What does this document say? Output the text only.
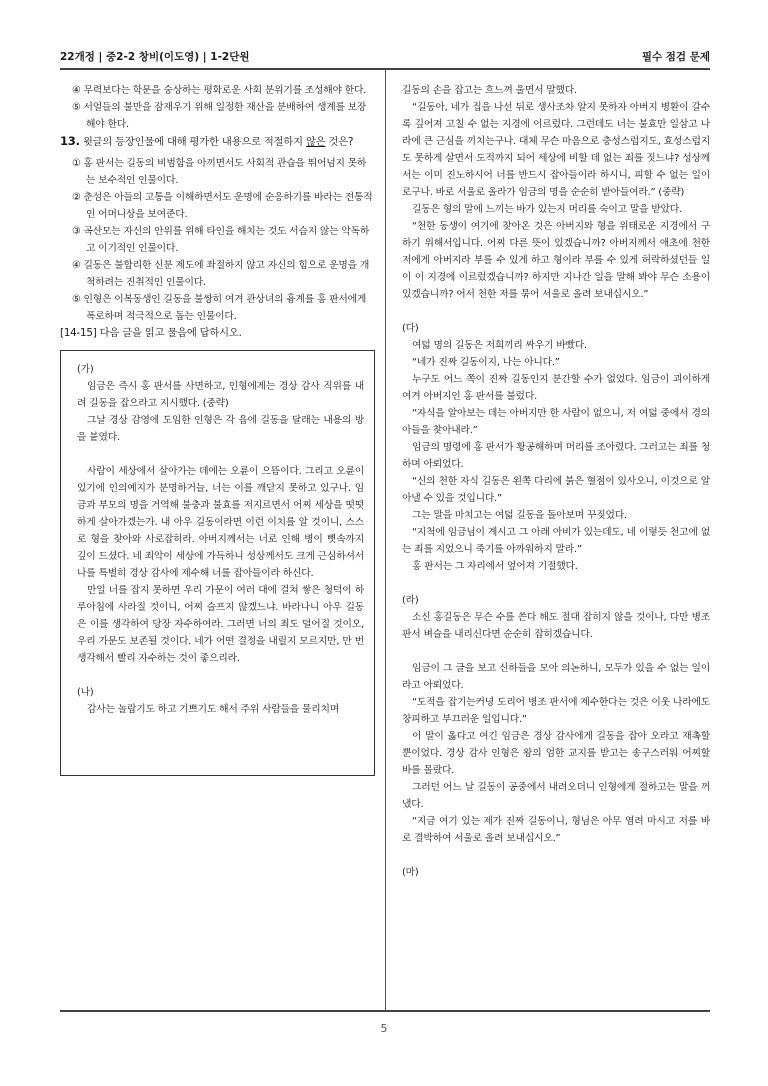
22개정 | 중2-2 창비(이도영) | 1-2단원	필수 점검 문제

④ 무력보다는 학문을 숭상하는 평화로운 사회 분위기를 조성해야 한다.

⑤ 서얼들의 불만을 잠재우기 위해 일정한 재산을 분배하여 생계를 보장해야 한다.

13. 윗글의 등장인물에 대해 평가한 내용으로 적절하지 않은 것은?

① 홍 판서는 길동의 비범함을 아끼면서도 사회적 관습을 뛰어넘지 못하는 보수적인 인물이다.

② 춘섬은 아들의 고통을 이해하면서도 운명에 순응하기를 바라는 전통적인 어머니상을 보여준다.

③ 곡산모는 자신의 안위를 위해 타인을 해치는 것도 서슴지 않는 악독하고 이기적인 인물이다.

④ 길동은 불합리한 신분 제도에 좌절하지 않고 자신의 힘으로 운명을 개척하려는 진취적인 인물이다.

⑤ 인형은 이복동생인 길동을 불쌍히 여겨 관상녀의 흉계를 홍 판서에게 폭로하며 적극적으로 돕는 인물이다.

[14-15] 다음 글을 읽고 물음에 답하시오.

(가)

임금은 즉시 홍 판서를 사면하고, 인형에게는 경상 감사 직위를 내려 길동을 잡으라고 지시했다. (중략)

그날 경상 감영에 도임한 인형은 각 읍에 길동을 달래는 내용의 방을 붙였다.

사람이 세상에서 살아가는 데에는 오륜이 으뜸이다. 그리고 오륜이 있기에 인의예지가 분명하거늘, 너는 이를 깨닫지 못하고 있구나. 임금과 부모의 명을 거역해 불충과 불효를 저지르면서 어찌 세상을 떳떳하게 살아가겠는가. 내 아우 길동이라면 이런 이치를 알 것이니, 스스로 형을 찾아와 사로잡히라. 아버지께서는 너로 인해 병이 뼛속까지 깊이 드셨다. 네 죄악이 세상에 가득하니 성상께서도 크게 근심하셔서 나를 특별히 경상 감사에 제수해 너를 잡아들이라 하신다.

만일 너를 잡지 못하면 우리 가문이 여러 대에 걸쳐 쌓은 청덕이 하루아침에 사라질 것이니, 어찌 슬프지 않겠느냐. 바라나니 아우 길동은 이를 생각하여 당장 자수하여라. 그러면 너의 죄도 덜어질 것이오, 우리 가문도 보존될 것이다. 네가 어떤 결정을 내릴지 모르지만, 만 번 생각해서 빨리 자수하는 것이 좋으리라.

(나)

감사는 놀랍기도 하고 기쁘기도 해서 주위 사람들을 물리치며

길동의 손을 잡고는 흐느껴 울면서 말했다.

“길동아, 네가 집을 나선 뒤로 생사조차 알지 못하자 아버지 병환이 갈수록 깊어져 고칠 수 없는 지경에 이르렀다. 그런데도 너는 불효만 일삼고 나라에 큰 근심을 끼치는구나. 대체 무슨 마음으로 충성스럽지도, 효성스럽지도 못하게 살면서 도적까지 되어 세상에 비할 데 없는 죄를 짓느냐? 성상께서는 이미 진노하시어 너를 반드시 잡아들이라 하시니, 피할 수 없는 일이로구나. 바로 서울로 올라가 임금의 명을 순순히 받아들여라.” (중략)

길동은 형의 말에 느끼는 바가 있는지 머리를 숙이고 말을 받았다.

“천한 동생이 여기에 찾아온 것은 아버지와 형을 위태로운 지경에서 구하기 위해서입니다. 어찌 다른 뜻이 있겠습니까? 아버지께서 애초에 천한 저에게 아버지라 부를 수 있게 하고 형이라 부를 수 있게 허락하셨던들 일이 이 지경에 이르렀겠습니까? 하지만 지나간 일을 말해 봐야 무슨 소용이 있겠습니까? 어서 천한 저를 묶어 서울로 올려 보내십시오.”

(다)

여덟 명의 길동은 저희끼리 싸우기 바빴다.

“네가 진짜 길동이지, 나는 아니다.”

누구도 어느 쪽이 진짜 길동인지 분간할 수가 없었다. 임금이 괴이하게 여겨 아버지인 홍 판서를 불렀다.

“자식을 알아보는 데는 아버지만 한 사람이 없으니, 저 여덟 중에서 경의 아들을 찾아내라.”

임금의 명령에 홍 판서가 황공해하며 머리를 조아렸다. 그러고는 죄를 청하며 아뢰었다.

“신의 천한 자식 길동은 왼쪽 다리에 붉은 혈점이 있사오니, 이것으로 알아낼 수 있을 것입니다.”

그는 말을 마치고는 여덟 길동을 돌아보며 꾸짖었다.

“지척에 임금님이 계시고 그 아래 아비가 있는데도, 네 이렇듯 천고에 없는 죄를 지었으니 죽기를 아까워하지 말라.”

홍 판서는 그 자리에서 엎어져 기절했다.

(라)

소신 홍길동은 무슨 수를 쓴다 해도 절대 잡히지 않을 것이나, 다만 병조 판서 벼슬을 내리신다면 순순히 잡히겠습니다.

임금이 그 글을 보고 신하들을 모아 의논하니, 모두가 있을 수 없는 일이라고 아뢰었다.

“도적을 잡기는커녕 도리어 병조 판서에 제수한다는 것은 이웃 나라에도 창피하고 부끄러운 일입니다.”

이 말이 옳다고 여긴 임금은 경상 감사에게 길동을 잡아 오라고 재촉할 뿐이었다. 경상 감사 인형은 왕의 엄한 교지를 받고는 송구스러워 어찌할 바를 몰랐다.

그러던 어느 날 길동이 공중에서 내려오더니 인형에게 절하고는 말을 꺼냈다.

“지금 여기 있는 제가 진짜 길동이니, 형님은 아무 염려 마시고 저를 바로 결박하여 서울로 올려 보내십시오.”

(마)

5
